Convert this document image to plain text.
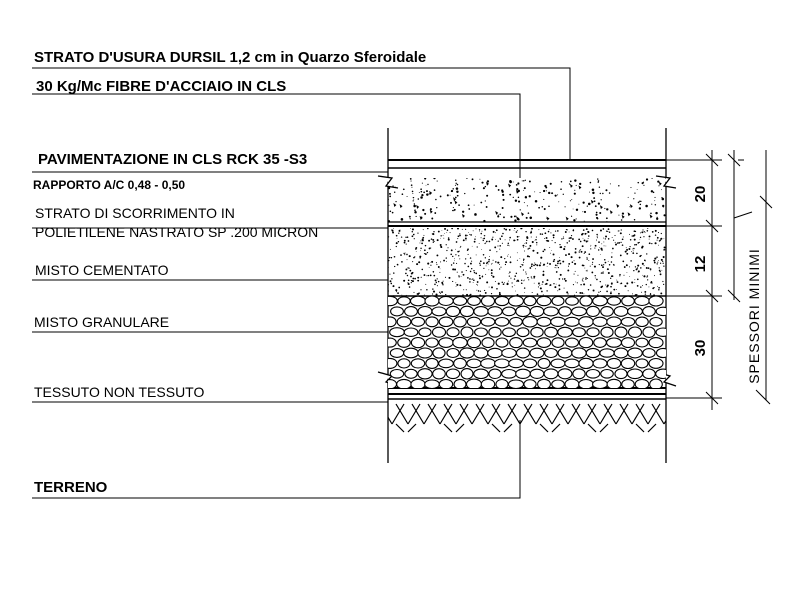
STRATO D'USURA DURSIL 1,2 cm in Quarzo Sferoidale
30 Kg/Mc FIBRE D'ACCIAIO IN CLS
PAVIMENTAZIONE IN CLS RCK 35 -S3
RAPPORTO A/C 0,48 - 0,50
STRATO DI SCORRIMENTO IN
POLIETILENE NASTRATO SP .200 MICRON
MISTO CEMENTATO
MISTO GRANULARE
TESSUTO NON TESSUTO
TERRENO
20
12
30	SPESSORI MINIMI
